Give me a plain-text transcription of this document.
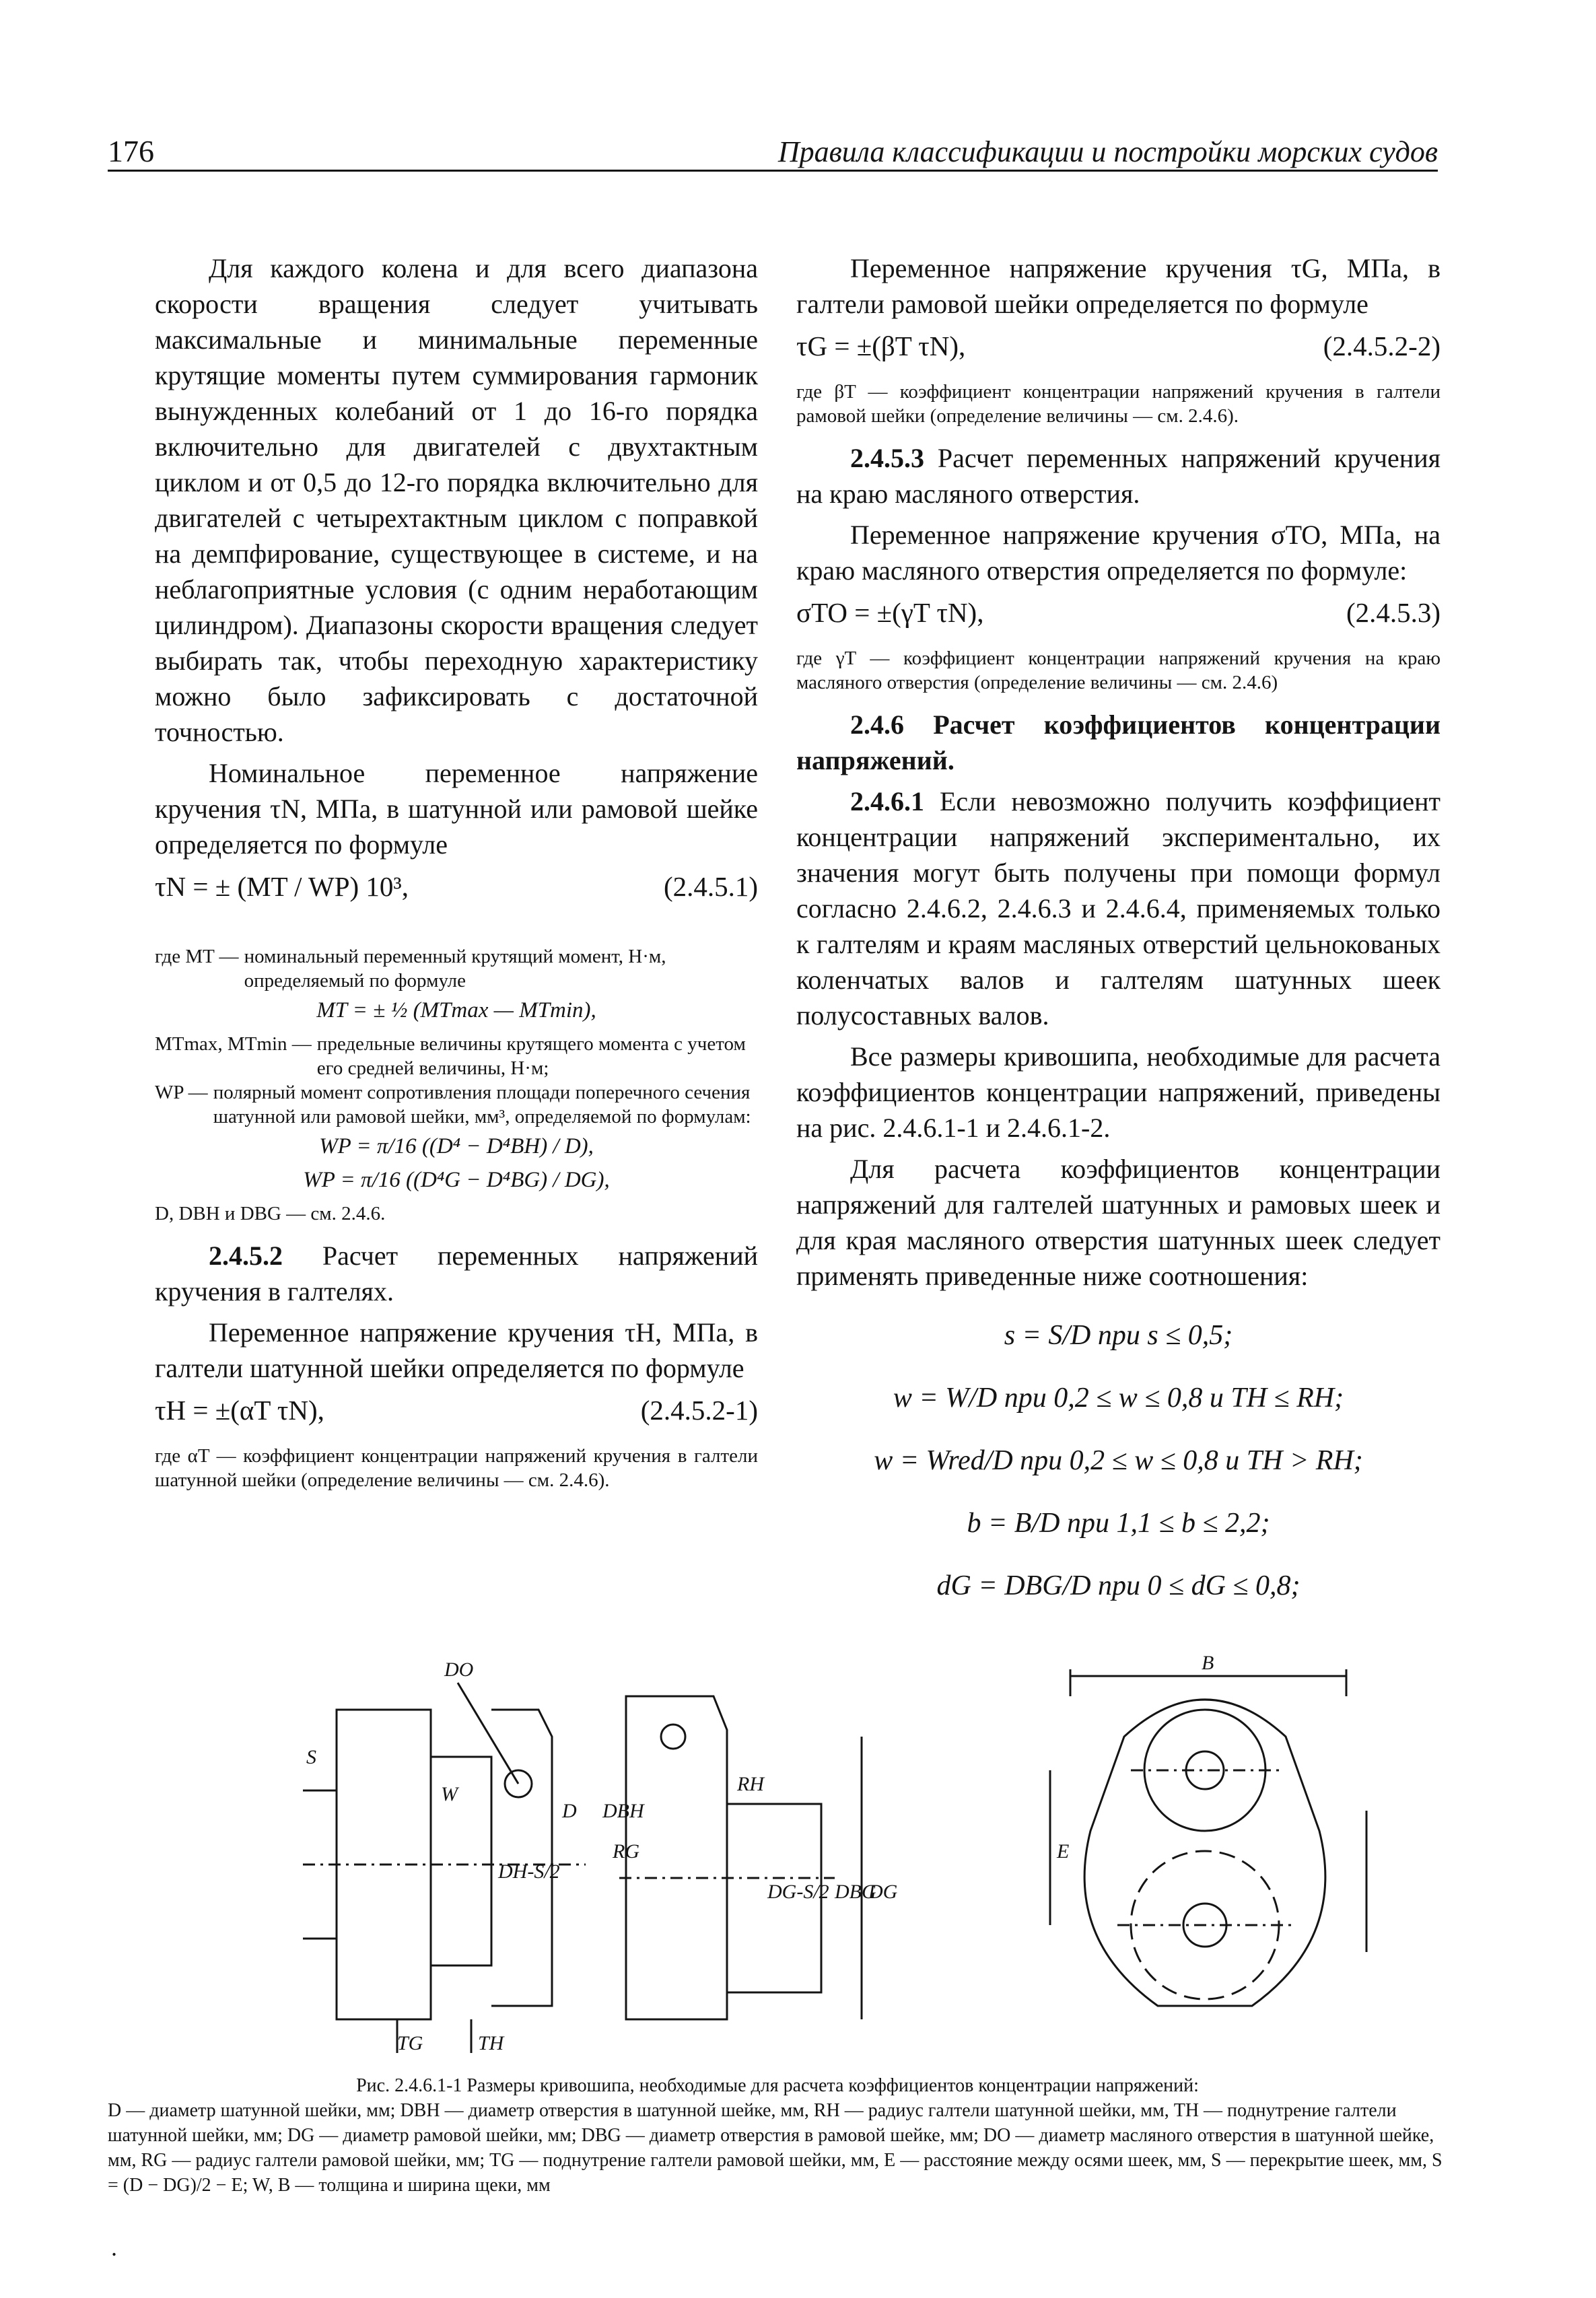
176	Правила классификации и постройки морских судов

Для каждого колена и для всего диапазона скорости вращения следует учитывать максимальные и минимальные переменные крутящие моменты путем суммирования гармоник вынужденных колебаний от 1 до 16-го порядка включительно для двигателей с двухтактным циклом и от 0,5 до 12-го порядка включительно для двигателей с четырехтактным циклом с поправкой на демпфирование, существующее в системе, и на неблагоприятные условия (с одним неработающим цилиндром). Диапазоны скорости вращения следует выбирать так, чтобы переходную характеристику можно было зафиксировать с достаточной точностью.

Номинальное переменное напряжение кручения τN, МПа, в шатунной или рамовой шейке определяется по формуле

τN = ± (MT / WP) 10³,	(2.4.5.1)
где MT — номинальный переменный крутящий момент, Н·м, определяемый по формуле
MT = ± ½ (MTmax — MTmin),
MTmax, MTmin — предельные величины крутящего момента с учетом его средней величины, Н·м;
WP — полярный момент сопротивления площади поперечного сечения шатунной или рамовой шейки, мм³, определяемой по формулам:
WP = π/16 ((D⁴ − D⁴BH) / D),
WP = π/16 ((D⁴G − D⁴BG) / DG),
D, DBH и DBG — см. 2.4.6.

2.4.5.2 Расчет переменных напряжений кручения в галтелях.

Переменное напряжение кручения τH, МПа, в галтели шатунной шейки определяется по формуле

τH = ±(αT τN),	(2.4.5.2-1)
где αT — коэффициент концентрации напряжений кручения в галтели шатунной шейки (определение величины — см. 2.4.6).

Переменное напряжение кручения τG, МПа, в галтели рамовой шейки определяется по формуле

τG = ±(βT τN),	(2.4.5.2-2)
где βT — коэффициент концентрации напряжений кручения в галтели рамовой шейки (определение величины — см. 2.4.6).

2.4.5.3 Расчет переменных напряжений кручения на краю масляного отверстия.

Переменное напряжение кручения σTO, МПа, на краю масляного отверстия определяется по формуле:

σTO = ±(γT τN),	(2.4.5.3)
где γT — коэффициент концентрации напряжений кручения на краю масляного отверстия (определение величины — см. 2.4.6)

2.4.6 Расчет коэффициентов концентрации напряжений.

2.4.6.1 Если невозможно получить коэффициент концентрации напряжений экспериментально, их значения могут быть получены при помощи формул согласно 2.4.6.2, 2.4.6.3 и 2.4.6.4, применяемых только к галтелям и краям масляных отверстий цельнокованых коленчатых валов и галтелям шатунных шеек полусоставных валов.

Все размеры кривошипа, необходимые для расчета коэффициентов концентрации напряжений, приведены на рис. 2.4.6.1-1 и 2.4.6.1-2.

Для расчета коэффициентов концентрации напряжений для галтелей шатунных и рамовых шеек и для края масляного отверстия шатунных шеек следует применять приведенные ниже соотношения:

s = S/D при s ≤ 0,5;
w = W/D при 0,2 ≤ w ≤ 0,8 и TH ≤ RH;
w = Wred/D при 0,2 ≤ w ≤ 0,8 и TH > RH;
b = B/D при 1,1 ≤ b ≤ 2,2;
dG = DBG/D при 0 ≤ dG ≤ 0,8;
DO
DBH
D
S
W	RH
RG
DH-S/2
DG-S/2 DBG
DG
TG	TH
B
E
Рис. 2.4.6.1-1 Размеры кривошипа, необходимые для расчета коэффициентов концентрации напряжений:
D — диаметр шатунной шейки, мм; DBH — диаметр отверстия в шатунной шейке, мм, RH — радиус галтели шатунной шейки, мм, TH — поднутрение галтели шатунной шейки, мм; DG — диаметр рамовой шейки, мм; DBG — диаметр отверстия в рамовой шейке, мм; DO — диаметр масляного отверстия в шатунной шейке, мм, RG — радиус галтели рамовой шейки, мм; TG — поднутрение галтели рамовой шейки, мм, E — расстояние между осями шеек, мм, S — перекрытие шеек, мм, S = (D − DG)/2 − E; W, B — толщина и ширина щеки, мм
.
